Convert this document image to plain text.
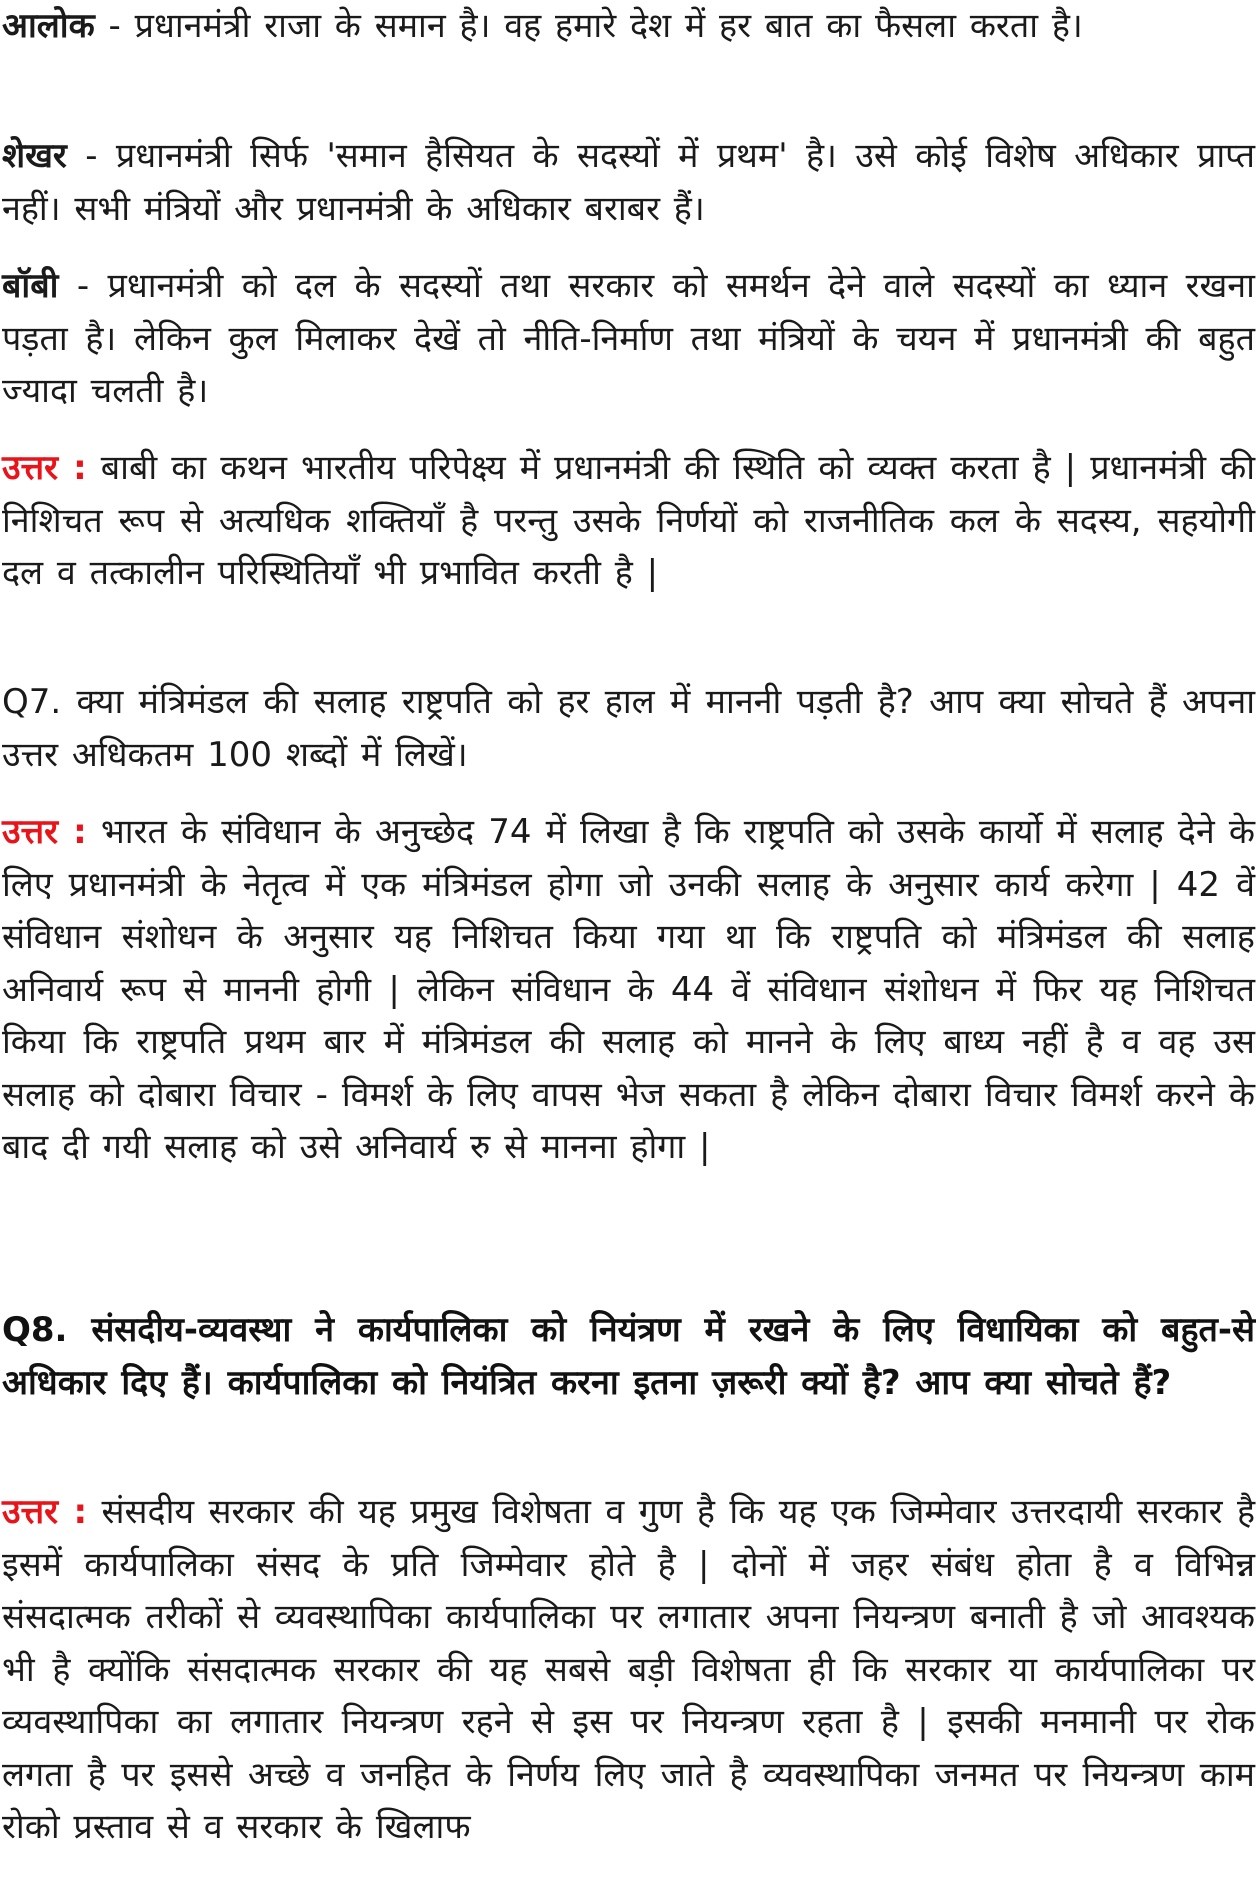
आलोक - प्रधानमंत्री राजा के समान है। वह हमारे देश में हर बात का फैसला करता है।

शेखर - प्रधानमंत्री सिर्फ 'समान हैसियत के सदस्यों में प्रथम' है। उसे कोई विशेष अधिकार प्राप्त नहीं। सभी मंत्रियों और प्रधानमंत्री के अधिकार बराबर हैं।

बॉबी - प्रधानमंत्री को दल के सदस्यों तथा सरकार को समर्थन देने वाले सदस्यों का ध्यान रखना पड़ता है। लेकिन कुल मिलाकर देखें तो नीति-निर्माण तथा मंत्रियों के चयन में प्रधानमंत्री की बहुत ज्यादा चलती है।

उत्तर : बाबी का कथन भारतीय परिपेक्ष्य में प्रधानमंत्री की स्थिति को व्यक्त करता है | प्रधानमंत्री की निशिचत रूप से अत्यधिक शक्तियाँ है परन्तु उसके निर्णयों को राजनीतिक कल के सदस्य, सहयोगी दल व तत्कालीन परिस्थितियाँ भी प्रभावित करती है |

Q7. क्या मंत्रिमंडल की सलाह राष्ट्रपति को हर हाल में माननी पड़ती है? आप क्या सोचते हैं अपना उत्तर अधिकतम 100 शब्दों में लिखें।

उत्तर : भारत के संविधान के अनुच्छेद 74 में लिखा है कि राष्ट्रपति को उसके कार्यो में सलाह देने के लिए प्रधानमंत्री के नेतृत्व में एक मंत्रिमंडल होगा जो उनकी सलाह के अनुसार कार्य करेगा | 42 वें संविधान संशोधन के अनुसार यह निशिचत किया गया था कि राष्ट्रपति को मंत्रिमंडल की सलाह अनिवार्य रूप से माननी होगी | लेकिन संविधान के 44 वें संविधान संशोधन में फिर यह निशिचत किया कि राष्ट्रपति प्रथम बार में मंत्रिमंडल की सलाह को मानने के लिए बाध्य नहीं है व वह उस सलाह को दोबारा विचार - विमर्श के लिए वापस भेज सकता है लेकिन दोबारा विचार विमर्श करने के बाद दी गयी सलाह को उसे अनिवार्य रु से मानना होगा |

Q8. संसदीय-व्यवस्था ने कार्यपालिका को नियंत्रण में रखने के लिए विधायिका को बहुत-से अधिकार दिए हैं। कार्यपालिका को नियंत्रित करना इतना ज़रूरी क्यों है? आप क्या सोचते हैं?

उत्तर : संसदीय सरकार की यह प्रमुख विशेषता व गुण है कि यह एक जिम्मेवार उत्तरदायी सरकार है इसमें कार्यपालिका संसद के प्रति जिम्मेवार होते है | दोनों में जहर संबंध होता है व विभिन्न संसदात्मक तरीकों से व्यवस्थापिका कार्यपालिका पर लगातार अपना नियन्त्रण बनाती है जो आवश्यक भी है क्योंकि संसदात्मक सरकार की यह सबसे बड़ी विशेषता ही कि सरकार या कार्यपालिका पर व्यवस्थापिका का लगातार नियन्त्रण रहने से इस पर नियन्त्रण रहता है | इसकी मनमानी पर रोक लगता है पर इससे अच्छे व जनहित के निर्णय लिए जाते है व्यवस्थापिका जनमत पर नियन्त्रण काम रोको प्रस्ताव से व सरकार के खिलाफ
